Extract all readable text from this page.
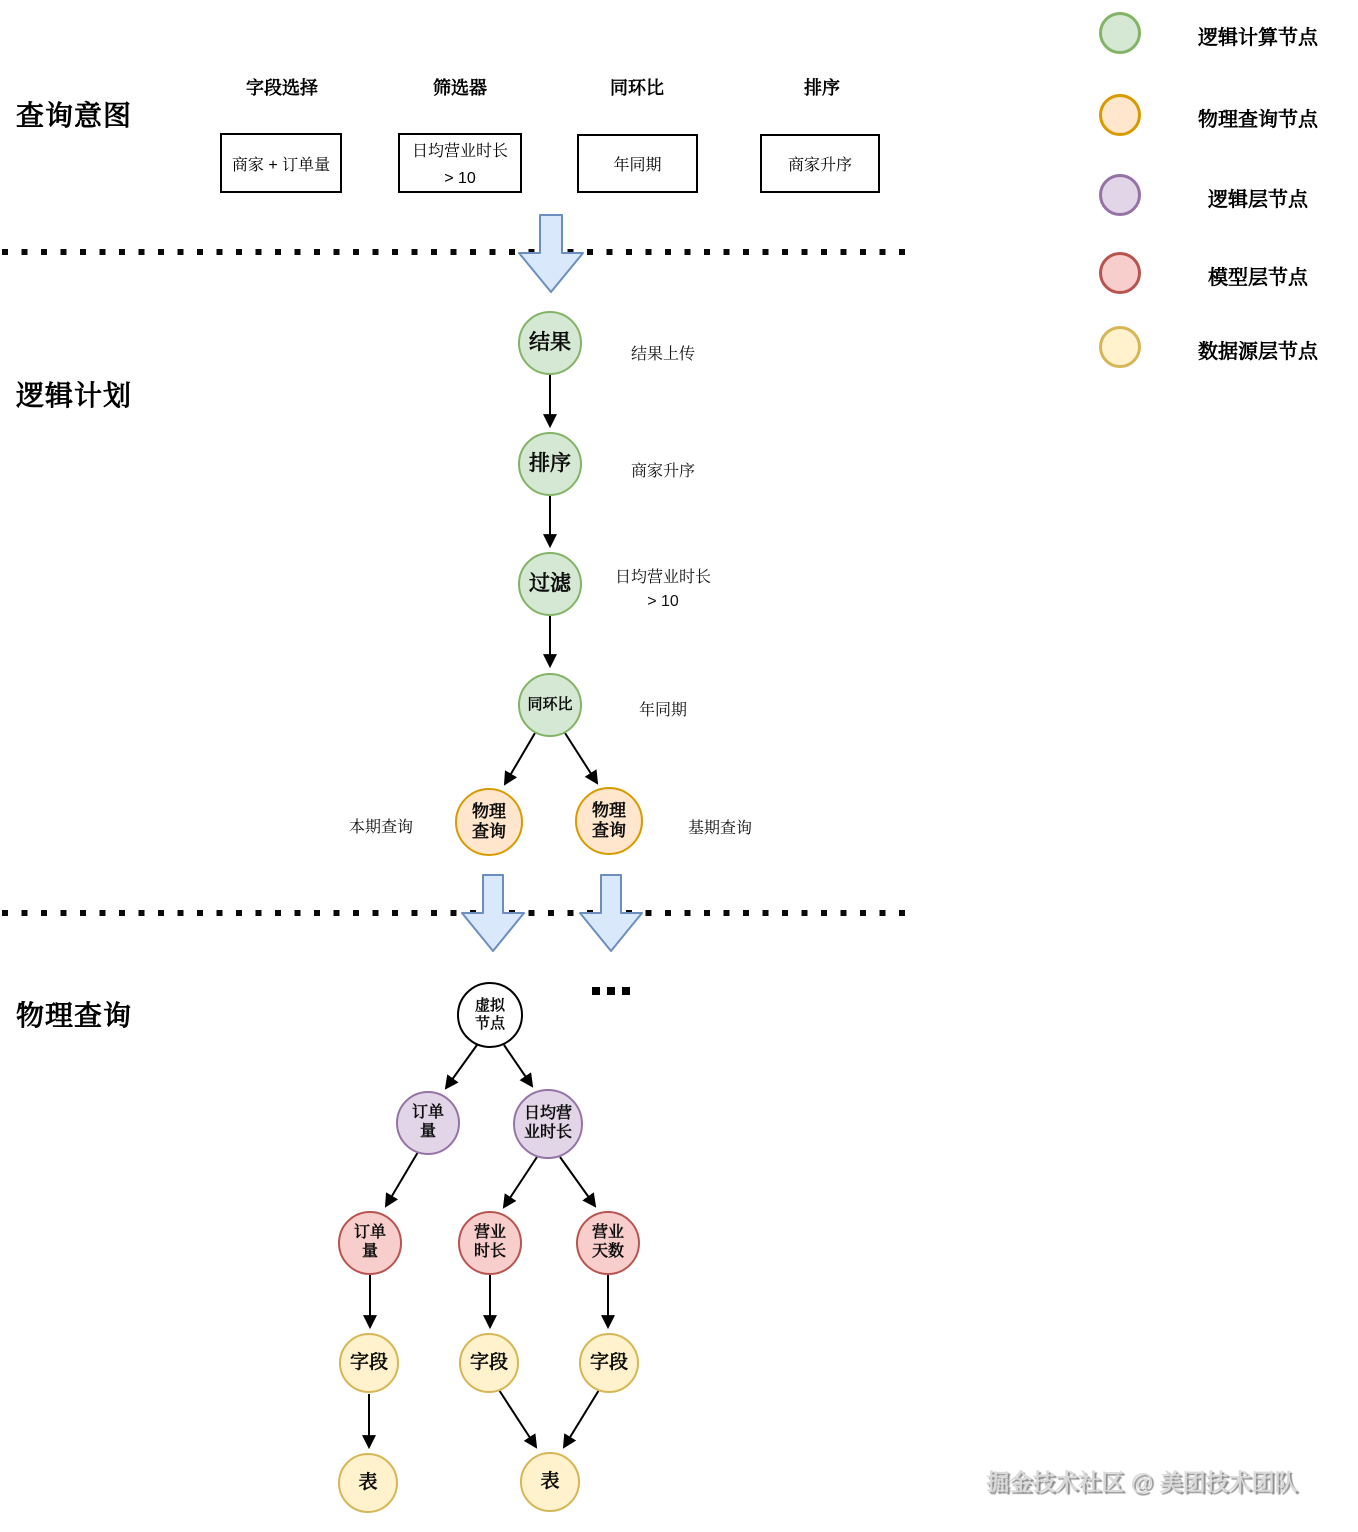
查询意图
逻辑计划
物理查询
字段选择	筛选器	同环比	排序
商家 + 订单量
日均营业时长
> 10
年同期	商家升序
结果
排序
过滤
同环比
物理
查询
物理
查询
结果上传
商家升序
日均营业时长
> 10
年同期
本期查询	基期查询
虚拟
节点
订单
量
日均营
业时长
订单
量
营业
时长
营业
天数
字段	字段	字段
表	表
逻辑计算节点
物理查询节点
逻辑层节点
模型层节点
数据源层节点
掘金技术社区 @ 美团技术团队
